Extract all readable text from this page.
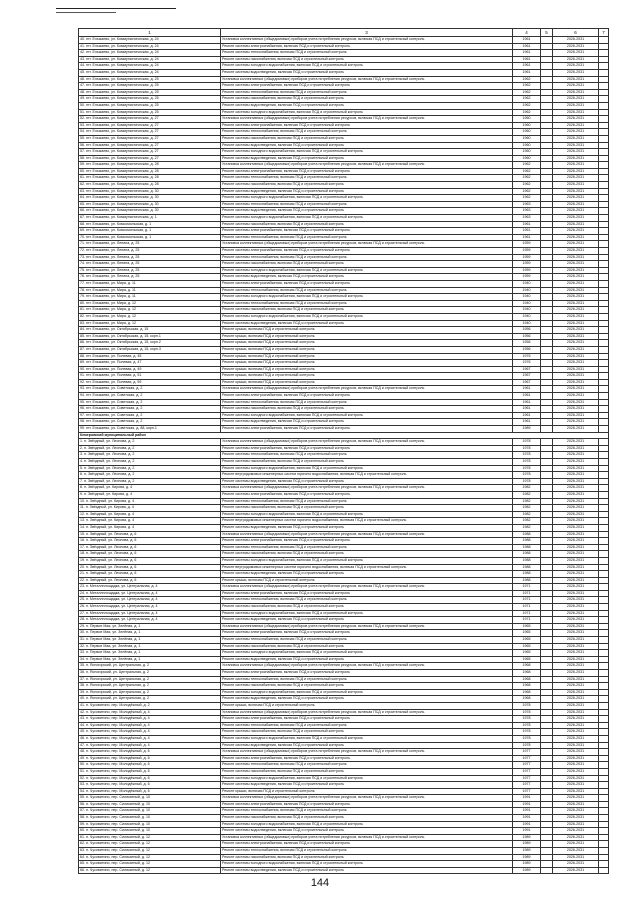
1	3	4	5	6	7
40. пгт. Елыкаево, ул. Коммунистическая, д. 24	Установка коллективных (общедомовых) приборов учета потребления ресурсов, включая ПСД и строительный контроль	1961		2026-2031	
41. пгт. Елыкаево, ул. Коммунистическая, д. 24	Ремонт системы электроснабжения, включая ПСД и строительный контроль	1961		2026-2031	
42. пгт. Елыкаево, ул. Коммунистическая, д. 24	Ремонт системы теплоснабжения, включая ПСД и строительный контроль	1961		2026-2031	
43. пгт. Елыкаево, ул. Коммунистическая, д. 24	Ремонт системы газоснабжения, включая ПСД и строительный контроль	1961		2026-2031	
44. пгт. Елыкаево, ул. Коммунистическая, д. 24	Ремонт системы холодного водоснабжения, включая ПСД и строительный контроль	1961		2026-2031	
45. пгт. Елыкаево, ул. Коммунистическая, д. 24	Ремонт системы водоотведения, включая ПСД и строительный контроль	1961		2026-2031	
46. пгт. Елыкаево, ул. Коммунистическая, д. 25	Установка коллективных (общедомовых) приборов учета потребления ресурсов, включая ПСД и строительный контроль	1962		2026-2031	
47. пгт. Елыкаево, ул. Коммунистическая, д. 25	Ремонт системы электроснабжения, включая ПСД и строительный контроль	1962		2026-2031	
48. пгт. Елыкаево, ул. Коммунистическая, д. 25	Ремонт системы теплоснабжения, включая ПСД и строительный контроль	1962		2026-2031	
49. пгт. Елыкаево, ул. Коммунистическая, д. 25	Ремонт системы газоснабжения, включая ПСД и строительный контроль	1962		2026-2031	
50. пгт. Елыкаево, ул. Коммунистическая, д. 25	Ремонт системы водоотведения, включая ПСД и строительный контроль	1962		2026-2031	
51. пгт. Елыкаево, ул. Коммунистическая, д. 25	Ремонт системы холодного водоснабжения, включая ПСД и строительный контроль	1962		2026-2031	
52. пгт. Елыкаево, ул. Коммунистическая, д. 27	Установка коллективных (общедомовых) приборов учета потребления ресурсов, включая ПСД и строительный контроль	1960		2026-2031	
53. пгт. Елыкаево, ул. Коммунистическая, д. 27	Ремонт системы электроснабжения, включая ПСД и строительный контроль	1960		2026-2031	
54. пгт. Елыкаево, ул. Коммунистическая, д. 27	Ремонт системы теплоснабжения, включая ПСД и строительный контроль	1960		2026-2031	
55. пгт. Елыкаево, ул. Коммунистическая, д. 27	Ремонт системы газоснабжения, включая ПСД и строительный контроль	1960		2026-2031	
56. пгт. Елыкаево, ул. Коммунистическая, д. 27	Ремонт системы водоотведения, включая ПСД и строительный контроль	1960		2026-2031	
57. пгт. Елыкаево, ул. Коммунистическая, д. 27	Ремонт системы холодного водоснабжения, включая ПСД и строительный контроль	1960		2026-2031	
58. пгт. Елыкаево, ул. Коммунистическая, д. 27	Ремонт системы водоотведения, включая ПСД и строительный контроль	1960		2026-2031	
59. пгт. Елыкаево, ул. Коммунистическая, д. 28	Установка коллективных (общедомовых) приборов учета потребления ресурсов, включая ПСД и строительный контроль	1962		2026-2031	
60. пгт. Елыкаево, ул. Коммунистическая, д. 28	Ремонт системы электроснабжения, включая ПСД и строительный контроль	1962		2026-2031	
61. пгт. Елыкаево, ул. Коммунистическая, д. 28	Ремонт системы теплоснабжения, включая ПСД и строительный контроль	1962		2026-2031	
62. пгт. Елыкаево, ул. Коммунистическая, д. 28	Ремонт системы газоснабжения, включая ПСД и строительный контроль	1962		2026-2031	
63. пгт. Елыкаево, ул. Коммунистическая, д. 30	Ремонт системы водоотведения, включая ПСД и строительный контроль	1962		2026-2031	
64. пгт. Елыкаево, ул. Коммунистическая, д. 30	Ремонт системы холодного водоснабжения, включая ПСД и строительный контроль	1962		2026-2031	
65. пгт. Елыкаево, ул. Коммунистическая, д. 30	Ремонт системы теплоснабжения, включая ПСД и строительный контроль	1963		2026-2031	
66. пгт. Елыкаево, ул. Коммунистическая, д. 30	Ремонт системы водоотведения, включая ПСД и строительный контроль	1963		2026-2031	
67. пгт. Елыкаево, ул. Коммунистическая, д. 1	Ремонт системы холодного водоснабжения, включая ПСД и строительный контроль	1963		2026-2031	
68. пгт. Елыкаево, ул. Комсомольская, д. 1	Ремонт системы газоснабжения, включая ПСД и строительный контроль	1961		2026-2031	
69. пгт. Елыкаево, ул. Комсомольская, д. 1	Ремонт системы электроснабжения, включая ПСД и строительный контроль	1961		2026-2031	
70. пгт. Елыкаево, ул. Комсомольская, д. 1	Ремонт системы теплоснабжения, включая ПСД и строительный контроль	1961		2026-2031	
71. пгт. Елыкаево, ул. Ленина, д. 25	Установка коллективных (общедомовых) приборов учета потребления ресурсов, включая ПСД и строительный контроль	1959		2026-2031	
72. пгт. Елыкаево, ул. Ленина, д. 25	Ремонт системы электроснабжения, включая ПСД и строительный контроль	1959		2026-2031	
73. пгт. Елыкаево, ул. Ленина, д. 25	Ремонт системы теплоснабжения, включая ПСД и строительный контроль	1959		2026-2031	
74. пгт. Елыкаево, ул. Ленина, д. 25	Ремонт системы газоснабжения, включая ПСД и строительный контроль	1959		2026-2031	
75. пгт. Елыкаево, ул. Ленина, д. 25	Ремонт системы холодного водоснабжения, включая ПСД и строительный контроль	1959		2026-2031	
76. пгт. Елыкаево, ул. Ленина, д. 25	Ремонт системы водоотведения, включая ПСД и строительный контроль	1959		2026-2031	
77. пгт. Елыкаево, ул. Мира, д. 11	Ремонт системы электроснабжения, включая ПСД и строительный контроль	1940		2026-2031	
78. пгт. Елыкаево, ул. Мира, д. 11	Ремонт системы теплоснабжения, включая ПСД и строительный контроль	1940		2026-2031	
79. пгт. Елыкаево, ул. Мира, д. 11	Ремонт системы холодного водоснабжения, включая ПСД и строительный контроль	1940		2026-2031	
80. пгт. Елыкаево, ул. Мира, д. 12	Ремонт системы теплоснабжения, включая ПСД и строительный контроль	1940		2026-2031	
81. пгт. Елыкаево, ул. Мира, д. 12	Ремонт системы газоснабжения, включая ПСД и строительный контроль	1940		2026-2031	
82. пгт. Елыкаево, ул. Мира, д. 12	Ремонт системы холодного водоснабжения, включая ПСД и строительный контроль	1940		2026-2031	
83. пгт. Елыкаево, ул. Мира, д. 12	Ремонт системы водоотведения, включая ПСД и строительный контроль	1940		2026-2031	
84. пгт. Елыкаево, ул. Октябрьская, д. 15	Ремонт крыши, включая ПСД и строительный контроль	1956		2026-2031	
85. пгт. Елыкаево, ул. Октябрьская, д. 15, корп.1	Ремонт крыши, включая ПСД и строительный контроль	1956		2026-2031	
86. пгт. Елыкаево, ул. Октябрьская, д. 15, корп.2	Ремонт крыши, включая ПСД и строительный контроль	1956		2026-2031	
87. пгт. Елыкаево, ул. Октябрьская, д. 15, корп.3	Ремонт крыши, включая ПСД и строительный контроль	1956		2026-2031	
88. пгт. Елыкаево, ул. Полевая, д. 45	Ремонт крыши, включая ПСД и строительный контроль	1976		2026-2031	
89. пгт. Елыкаево, ул. Полевая, д. 47	Ремонт крыши, включая ПСД и строительный контроль	1976		2026-2031	
90. пгт. Елыкаево, ул. Полевая, д. 49	Ремонт крыши, включая ПСД и строительный контроль	1967		2026-2031	
91. пгт. Елыкаево, ул. Полевая, д. 51	Ремонт крыши, включая ПСД и строительный контроль	1967		2026-2031	
92. пгт. Елыкаево, ул. Полевая, д. 59	Ремонт крыши, включая ПСД и строительный контроль	1967		2026-2031	
93. пгт. Елыкаево, ул. Советская, д. 2	Установка коллективных (общедомовых) приборов учета потребления ресурсов, включая ПСД и строительный контроль	1961		2026-2031	
94. пгт. Елыкаево, ул. Советская, д. 2	Ремонт системы электроснабжения, включая ПСД и строительный контроль	1961		2026-2031	
95. пгт. Елыкаево, ул. Советская, д. 2	Ремонт системы теплоснабжения, включая ПСД и строительный контроль	1961		2026-2031	
96. пгт. Елыкаево, ул. Советская, д. 2	Ремонт системы газоснабжения, включая ПСД и строительный контроль	1961		2026-2031	
97. пгт. Елыкаево, ул. Советская, д. 2	Ремонт системы холодного водоснабжения, включая ПСД и строительный контроль	1961		2026-2031	
98. пгт. Елыкаево, ул. Советская, д. 2	Ремонт системы водоотведения, включая ПСД и строительный контроль	1961		2026-2031	
99. пгт. Елыкаево, ул. Советская, д. 88, корп.1	Ремонт системы электроснабжения, включая ПСД и строительный контроль	1989		2026-2031	
Кемеровский муниципальный район					
1. п. Звёздный, ул. Леонова, д. 2	Установка коллективных (общедомовых) приборов учета потребления ресурсов, включая ПСД и строительный контроль	1978		2026-2031	
2. п. Звёздный, ул. Леонова, д. 2	Ремонт системы электроснабжения, включая ПСД и строительный контроль	1978		2026-2031	
3. п. Звёздный, ул. Леонова, д. 2	Ремонт системы теплоснабжения, включая ПСД и строительный контроль	1978		2026-2031	
4. п. Звёздный, ул. Леонова, д. 2	Ремонт системы газоснабжения, включая ПСД и строительный контроль	1978		2026-2031	
5. п. Звёздный, ул. Леонова, д. 2	Ремонт системы холодного водоснабжения, включая ПСД и строительный контроль	1978		2026-2031	
6. п. Звёздный, ул. Леонова, д. 2	Ремонт внутридомовых инженерных систем горячего водоснабжения, включая ПСД и строительный контроль	1978		2026-2031	
7. п. Звёздный, ул. Леонова, д. 2	Ремонт системы водоотведения, включая ПСД и строительный контроль	1978		2026-2031	
8. п. Звёздный, ул. Кирова, д. 4	Установка коллективных (общедомовых) приборов учета потребления ресурсов, включая ПСД и строительный контроль	1982		2026-2031	
9. п. Звёздный, ул. Кирова, д. 4	Ремонт системы электроснабжения, включая ПСД и строительный контроль	1982		2026-2031	
10. п. Звёздный, ул. Кирова, д. 4	Ремонт системы теплоснабжения, включая ПСД и строительный контроль	1982		2026-2031	
11. п. Звёздный, ул. Кирова, д. 4	Ремонт системы газоснабжения, включая ПСД и строительный контроль	1982		2026-2031	
12. п. Звёздный, ул. Кирова, д. 4	Ремонт системы холодного водоснабжения, включая ПСД и строительный контроль	1982		2026-2031	
13. п. Звёздный, ул. Кирова, д. 4	Ремонт внутридомовых инженерных систем горячего водоснабжения, включая ПСД и строительный контроль	1982		2026-2031	
14. п. Звёздный, ул. Кирова, д. 4	Ремонт системы водоотведения, включая ПСД и строительный контроль	1982		2026-2031	
15. п. Звёздный, ул. Леонова, д. 6	Установка коллективных (общедомовых) приборов учета потребления ресурсов, включая ПСД и строительный контроль	1988		2026-2031	
16. п. Звёздный, ул. Леонова, д. 6	Ремонт системы электроснабжения, включая ПСД и строительный контроль	1988		2026-2031	
17. п. Звёздный, ул. Леонова, д. 6	Ремонт системы теплоснабжения, включая ПСД и строительный контроль	1988		2026-2031	
18. п. Звёздный, ул. Леонова, д. 6	Ремонт системы газоснабжения, включая ПСД и строительный контроль	1988		2026-2031	
19. п. Звёздный, ул. Леонова, д. 6	Ремонт системы холодного водоснабжения, включая ПСД и строительный контроль	1988		2026-2031	
20. п. Звёздный, ул. Леонова, д. 6	Ремонт внутридомовых инженерных систем горячего водоснабжения, включая ПСД и строительный контроль	1988		2026-2031	
21. п. Звёздный, ул. Леонова, д. 6	Ремонт системы водоотведения, включая ПСД и строительный контроль	1988		2026-2031	
22. п. Звёздный, ул. Леонова, д. 6	Ремонт крыши, включая ПСД и строительный контроль	1988		2026-2031	
23. п. Металлплощадка, ул. Центральная, д. 4	Установка коллективных (общедомовых) приборов учета потребления ресурсов, включая ПСД и строительный контроль	1971		2026-2031	
24. п. Металлплощадка, ул. Центральная, д. 4	Ремонт системы электроснабжения, включая ПСД и строительный контроль	1971		2026-2031	
25. п. Металлплощадка, ул. Центральная, д. 4	Ремонт системы теплоснабжения, включая ПСД и строительный контроль	1971		2026-2031	
26. п. Металлплощадка, ул. Центральная, д. 4	Ремонт системы газоснабжения, включая ПСД и строительный контроль	1971		2026-2031	
27. п. Металлплощадка, ул. Центральная, д. 4	Ремонт системы холодного водоснабжения, включая ПСД и строительный контроль	1971		2026-2031	
28. п. Металлплощадка, ул. Центральная, д. 4	Ремонт системы водоотведения, включая ПСД и строительный контроль	1971		2026-2031	
29. п. Первое Мая, ул. Зелёная, д. 1	Установка коллективных (общедомовых) приборов учета потребления ресурсов, включая ПСД и строительный контроль	1965		2026-2031	
30. п. Первое Мая, ул. Зелёная, д. 1	Ремонт системы электроснабжения, включая ПСД и строительный контроль	1965		2026-2031	
31. п. Первое Мая, ул. Зелёная, д. 1	Ремонт системы теплоснабжения, включая ПСД и строительный контроль	1965		2026-2031	
32. п. Первое Мая, ул. Зелёная, д. 1	Ремонт системы газоснабжения, включая ПСД и строительный контроль	1965		2026-2031	
33. п. Первое Мая, ул. Зелёная, д. 1	Ремонт системы холодного водоснабжения, включая ПСД и строительный контроль	1965		2026-2031	
34. п. Первое Мая, ул. Зелёная, д. 1	Ремонт системы водоотведения, включая ПСД и строительный контроль	1965		2026-2031	
35. п. Ясногорский, ул. Центральная, д. 2	Установка коллективных (общедомовых) приборов учета потребления ресурсов, включая ПСД и строительный контроль	1968		2026-2031	
36. п. Ясногорский, ул. Центральная, д. 2	Ремонт системы электроснабжения, включая ПСД и строительный контроль	1968		2026-2031	
37. п. Ясногорский, ул. Центральная, д. 2	Ремонт системы теплоснабжения, включая ПСД и строительный контроль	1968		2026-2031	
38. п. Ясногорский, ул. Центральная, д. 2	Ремонт системы газоснабжения, включая ПСД и строительный контроль	1968		2026-2031	
39. п. Ясногорский, ул. Центральная, д. 2	Ремонт системы холодного водоснабжения, включая ПСД и строительный контроль	1968		2026-2031	
40. п. Ясногорский, ул. Центральная, д. 2	Ремонт системы водоотведения, включая ПСД и строительный контроль	1968		2026-2031	
41. п. Чусовитино, пер. Молодёжный, д. 2	Ремонт крыши, включая ПСД и строительный контроль	1978		2026-2031	
42. п. Чусовитино, пер. Молодёжный, д. 4	Установка коллективных (общедомовых) приборов учета потребления ресурсов, включая ПСД и строительный контроль	1978		2026-2031	
43. п. Чусовитино, пер. Молодёжный, д. 4	Ремонт системы электроснабжения, включая ПСД и строительный контроль	1978		2026-2031	
44. п. Чусовитино, пер. Молодёжный, д. 4	Ремонт системы теплоснабжения, включая ПСД и строительный контроль	1978		2026-2031	
45. п. Чусовитино, пер. Молодёжный, д. 4	Ремонт системы газоснабжения, включая ПСД и строительный контроль	1978		2026-2031	
46. п. Чусовитино, пер. Молодёжный, д. 4	Ремонт системы холодного водоснабжения, включая ПСД и строительный контроль	1978		2026-2031	
47. п. Чусовитино, пер. Молодёжный, д. 4	Ремонт системы водоотведения, включая ПСД и строительный контроль	1978		2026-2031	
48. п. Чусовитино, пер. Молодёжный, д. 6	Установка коллективных (общедомовых) приборов учета потребления ресурсов, включая ПСД и строительный контроль	1977		2026-2031	
49. п. Чусовитино, пер. Молодёжный, д. 6	Ремонт системы электроснабжения, включая ПСД и строительный контроль	1977		2026-2031	
50. п. Чусовитино, пер. Молодёжный, д. 6	Ремонт системы теплоснабжения, включая ПСД и строительный контроль	1977		2026-2031	
51. п. Чусовитино, пер. Молодёжный, д. 6	Ремонт системы газоснабжения, включая ПСД и строительный контроль	1977		2026-2031	
52. п. Чусовитино, пер. Молодёжный, д. 6	Ремонт системы холодного водоснабжения, включая ПСД и строительный контроль	1977		2026-2031	
53. п. Чусовитино, пер. Молодёжный, д. 6	Ремонт системы водоотведения, включая ПСД и строительный контроль	1977		2026-2031	
54. п. Чусовитино, пер. Молодёжный, д. 6	Ремонт крыши, включая ПСД и строительный контроль	1977		2026-2031	
55. п. Чусовитино, пер. Силикатный, д. 10	Установка коллективных (общедомовых) приборов учета потребления ресурсов, включая ПСД и строительный контроль	1991		2026-2031	
56. п. Чусовитино, пер. Силикатный, д. 10	Ремонт системы электроснабжения, включая ПСД и строительный контроль	1991		2026-2031	
57. п. Чусовитино, пер. Силикатный, д. 10	Ремонт системы теплоснабжения, включая ПСД и строительный контроль	1991		2026-2031	
58. п. Чусовитино, пер. Силикатный, д. 10	Ремонт системы газоснабжения, включая ПСД и строительный контроль	1991		2026-2031	
59. п. Чусовитино, пер. Силикатный, д. 10	Ремонт системы холодного водоснабжения, включая ПСД и строительный контроль	1991		2026-2031	
60. п. Чусовитино, пер. Силикатный, д. 10	Ремонт системы водоотведения, включая ПСД и строительный контроль	1991		2026-2031	
61. п. Чусовитино, пер. Силикатный, д. 12	Установка коллективных (общедомовых) приборов учета потребления ресурсов, включая ПСД и строительный контроль	1989		2026-2031	
62. п. Чусовитино, пер. Силикатный, д. 12	Ремонт системы электроснабжения, включая ПСД и строительный контроль	1989		2026-2031	
63. п. Чусовитино, пер. Силикатный, д. 12	Ремонт системы теплоснабжения, включая ПСД и строительный контроль	1989		2026-2031	
64. п. Чусовитино, пер. Силикатный, д. 12	Ремонт системы газоснабжения, включая ПСД и строительный контроль	1989		2026-2031	
65. п. Чусовитино, пер. Силикатный, д. 12	Ремонт системы холодного водоснабжения, включая ПСД и строительный контроль	1989		2026-2031	
66. п. Чусовитино, пер. Силикатный, д. 12	Ремонт системы водоотведения, включая ПСД и строительный контроль	1989		2026-2031	
144
